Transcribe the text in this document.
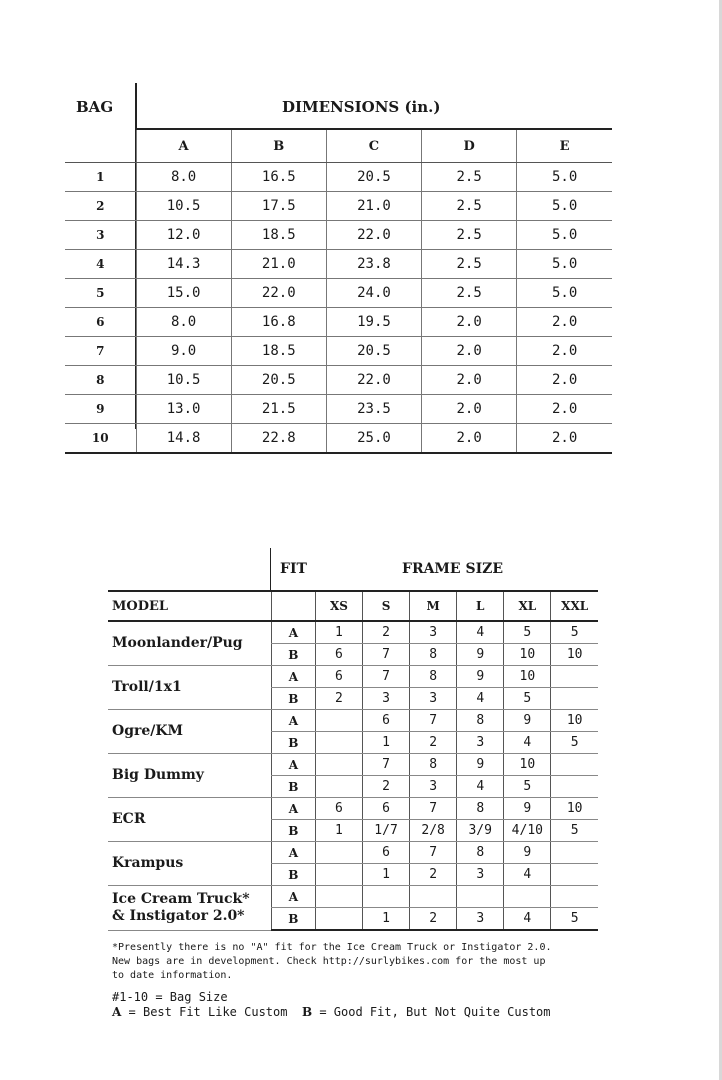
BAG	DIMENSIONS (in.)
	A	B	C	D	E
1	8.0	16.5	20.5	2.5	5.0
2	10.5	17.5	21.0	2.5	5.0
3	12.0	18.5	22.0	2.5	5.0
4	14.3	21.0	23.8	2.5	5.0
5	15.0	22.0	24.0	2.5	5.0
6	8.0	16.8	19.5	2.0	2.0
7	9.0	18.5	20.5	2.0	2.0
8	10.5	20.5	22.0	2.0	2.0
9	13.0	21.5	23.5	2.0	2.0
10	14.8	22.8	25.0	2.0	2.0
FIT	FRAME SIZE
MODEL		XS	S	M	L	XL	XXL
Moonlander/Pug	A	1	2	3	4	5	5
	B	6	7	8	9	10	10
Troll/1x1	A	6	7	8	9	10	
	B	2	3	3	4	5	
Ogre/KM	A		6	7	8	9	10
	B		1	2	3	4	5
Big Dummy	A		7	8	9	10	
	B		2	3	4	5	
ECR	A	6	6	7	8	9	10
	B	1	1/7	2/8	3/9	4/10	5
Krampus	A		6	7	8	9	
	B		1	2	3	4	

Ice Cream Truck*
& Instigator 2.0*	A						
	B		1	2	3	4	5

*Presently there is no "A" fit for the Ice Cream Truck or Instigator 2.0.

New bags are in development. Check http://surlybikes.com for the most up

to date information.

#1-10 = Bag Size
A = Best Fit Like Custom B = Good Fit, But Not Quite Custom
